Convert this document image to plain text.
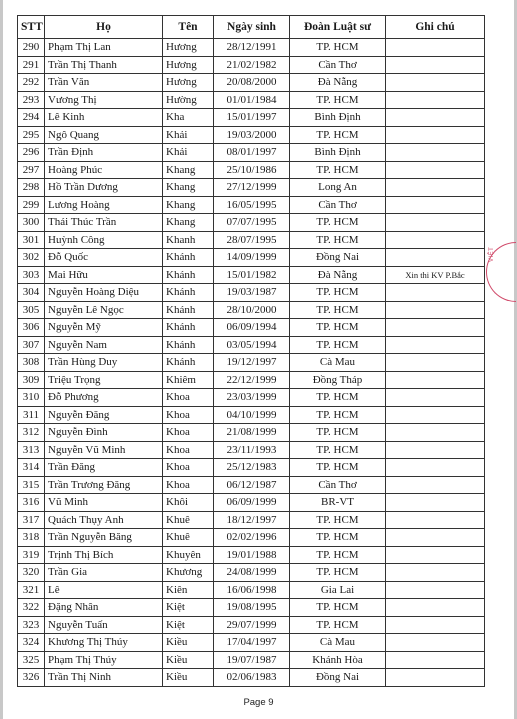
STT	Họ	Tên	Ngày sinh	Đoàn Luật sư	Ghi chú
290	Phạm Thị Lan	Hương	28/12/1991	TP. HCM	
291	Trần Thị Thanh	Hương	21/02/1982	Cần Thơ	
292	Trần Văn	Hương	20/08/2000	Đà Nẵng	
293	Vương Thị	Hường	01/01/1984	TP. HCM	
294	Lê Kinh	Kha	15/01/1997	Bình Định	
295	Ngô Quang	Khải	19/03/2000	TP. HCM	
296	Trần Định	Khải	08/01/1997	Bình Định	
297	Hoàng Phúc	Khang	25/10/1986	TP. HCM	
298	Hồ Trần Dương	Khang	27/12/1999	Long An	
299	Lương Hoàng	Khang	16/05/1995	Cần Thơ	
300	Thái Thúc Trần	Khang	07/07/1995	TP. HCM	
301	Huỳnh Công	Khanh	28/07/1995	TP. HCM	
302	Đỗ Quốc	Khánh	14/09/1999	Đồng Nai	
303	Mai Hữu	Khánh	15/01/1982	Đà Nẵng	Xin thi KV P.Bắc
304	Nguyễn Hoàng Diệu	Khánh	19/03/1987	TP. HCM	
305	Nguyễn Lê Ngọc	Khánh	28/10/2000	TP. HCM	
306	Nguyễn Mỹ	Khánh	06/09/1994	TP. HCM	
307	Nguyễn Nam	Khánh	03/05/1994	TP. HCM	
308	Trần Hùng Duy	Khánh	19/12/1997	Cà Mau	
309	Triệu Trọng	Khiêm	22/12/1999	Đồng Tháp	
310	Đỗ Phương	Khoa	23/03/1999	TP. HCM	
311	Nguyễn Đăng	Khoa	04/10/1999	TP. HCM	
312	Nguyễn Đình	Khoa	21/08/1999	TP. HCM	
313	Nguyễn Vũ Minh	Khoa	23/11/1993	TP. HCM	
314	Trần Đăng	Khoa	25/12/1983	TP. HCM	
315	Trần Trương Đăng	Khoa	06/12/1987	Cần Thơ	
316	Vũ Minh	Khôi	06/09/1999	BR-VT	
317	Quách Thụy Anh	Khuê	18/12/1997	TP. HCM	
318	Trần Nguyễn Băng	Khuê	02/02/1996	TP. HCM	
319	Trịnh Thị Bích	Khuyên	19/01/1988	TP. HCM	
320	Trần Gia	Khương	24/08/1999	TP. HCM	
321	Lê	Kiên	16/06/1998	Gia Lai	
322	Đặng Nhân	Kiệt	19/08/1995	TP. HCM	
323	Nguyễn Tuấn	Kiệt	29/07/1999	TP. HCM	
324	Khương Thị Thúy	Kiều	17/04/1997	Cà Mau	
325	Phạm Thị Thúy	Kiều	19/07/1987	Khánh Hòa	
326	Trần Thị Ninh	Kiều	02/06/1983	Đồng Nai	
VIỆT
Page 9
